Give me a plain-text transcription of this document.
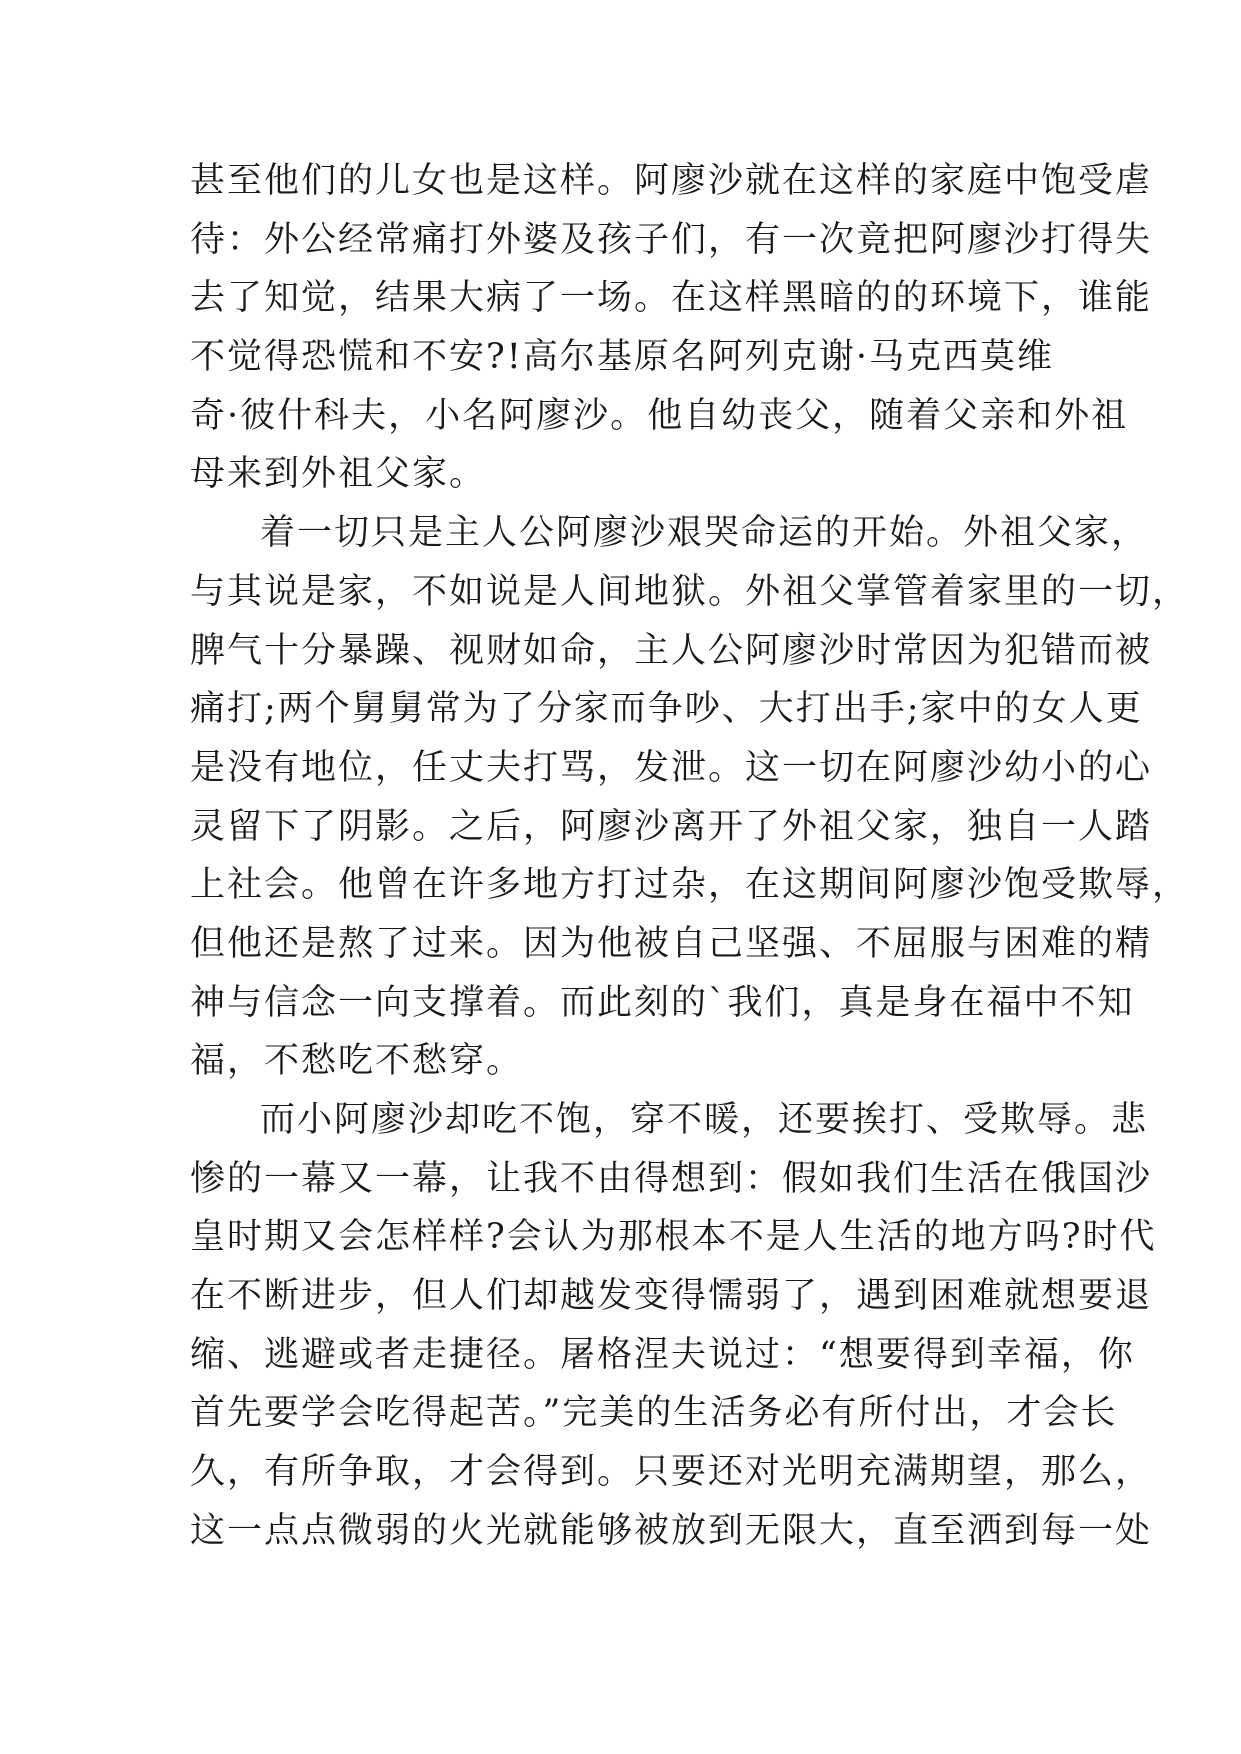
甚至他们的儿女也是这样。阿廖沙就在这样的家庭中饱受虐
待：外公经常痛打外婆及孩子们，有一次竟把阿廖沙打得失
去了知觉，结果大病了一场。在这样黑暗的的环境下，谁能
不觉得恐慌和不安?!高尔基原名阿列克谢·马克西莫维
奇·彼什科夫，小名阿廖沙。他自幼丧父，随着父亲和外祖
母来到外祖父家。
着一切只是主人公阿廖沙艰哭命运的开始。外祖父家，
与其说是家，不如说是人间地狱。外祖父掌管着家里的一切，
脾气十分暴躁、视财如命，主人公阿廖沙时常因为犯错而被
痛打;两个舅舅常为了分家而争吵、大打出手;家中的女人更
是没有地位，任丈夫打骂，发泄。这一切在阿廖沙幼小的心
灵留下了阴影。之后，阿廖沙离开了外祖父家，独自一人踏
上社会。他曾在许多地方打过杂，在这期间阿廖沙饱受欺辱，
但他还是熬了过来。因为他被自己坚强、不屈服与困难的精
神与信念一向支撑着。而此刻的`我们，真是身在福中不知
福，不愁吃不愁穿。
而小阿廖沙却吃不饱，穿不暖，还要挨打、受欺辱。悲
惨的一幕又一幕，让我不由得想到：假如我们生活在俄国沙
皇时期又会怎样样?会认为那根本不是人生活的地方吗?时代
在不断进步，但人们却越发变得懦弱了，遇到困难就想要退
缩、逃避或者走捷径。屠格涅夫说过：“想要得到幸福，你
首先要学会吃得起苦。”完美的生活务必有所付出，才会长
久，有所争取，才会得到。只要还对光明充满期望，那么，
这一点点微弱的火光就能够被放到无限大，直至洒到每一处
